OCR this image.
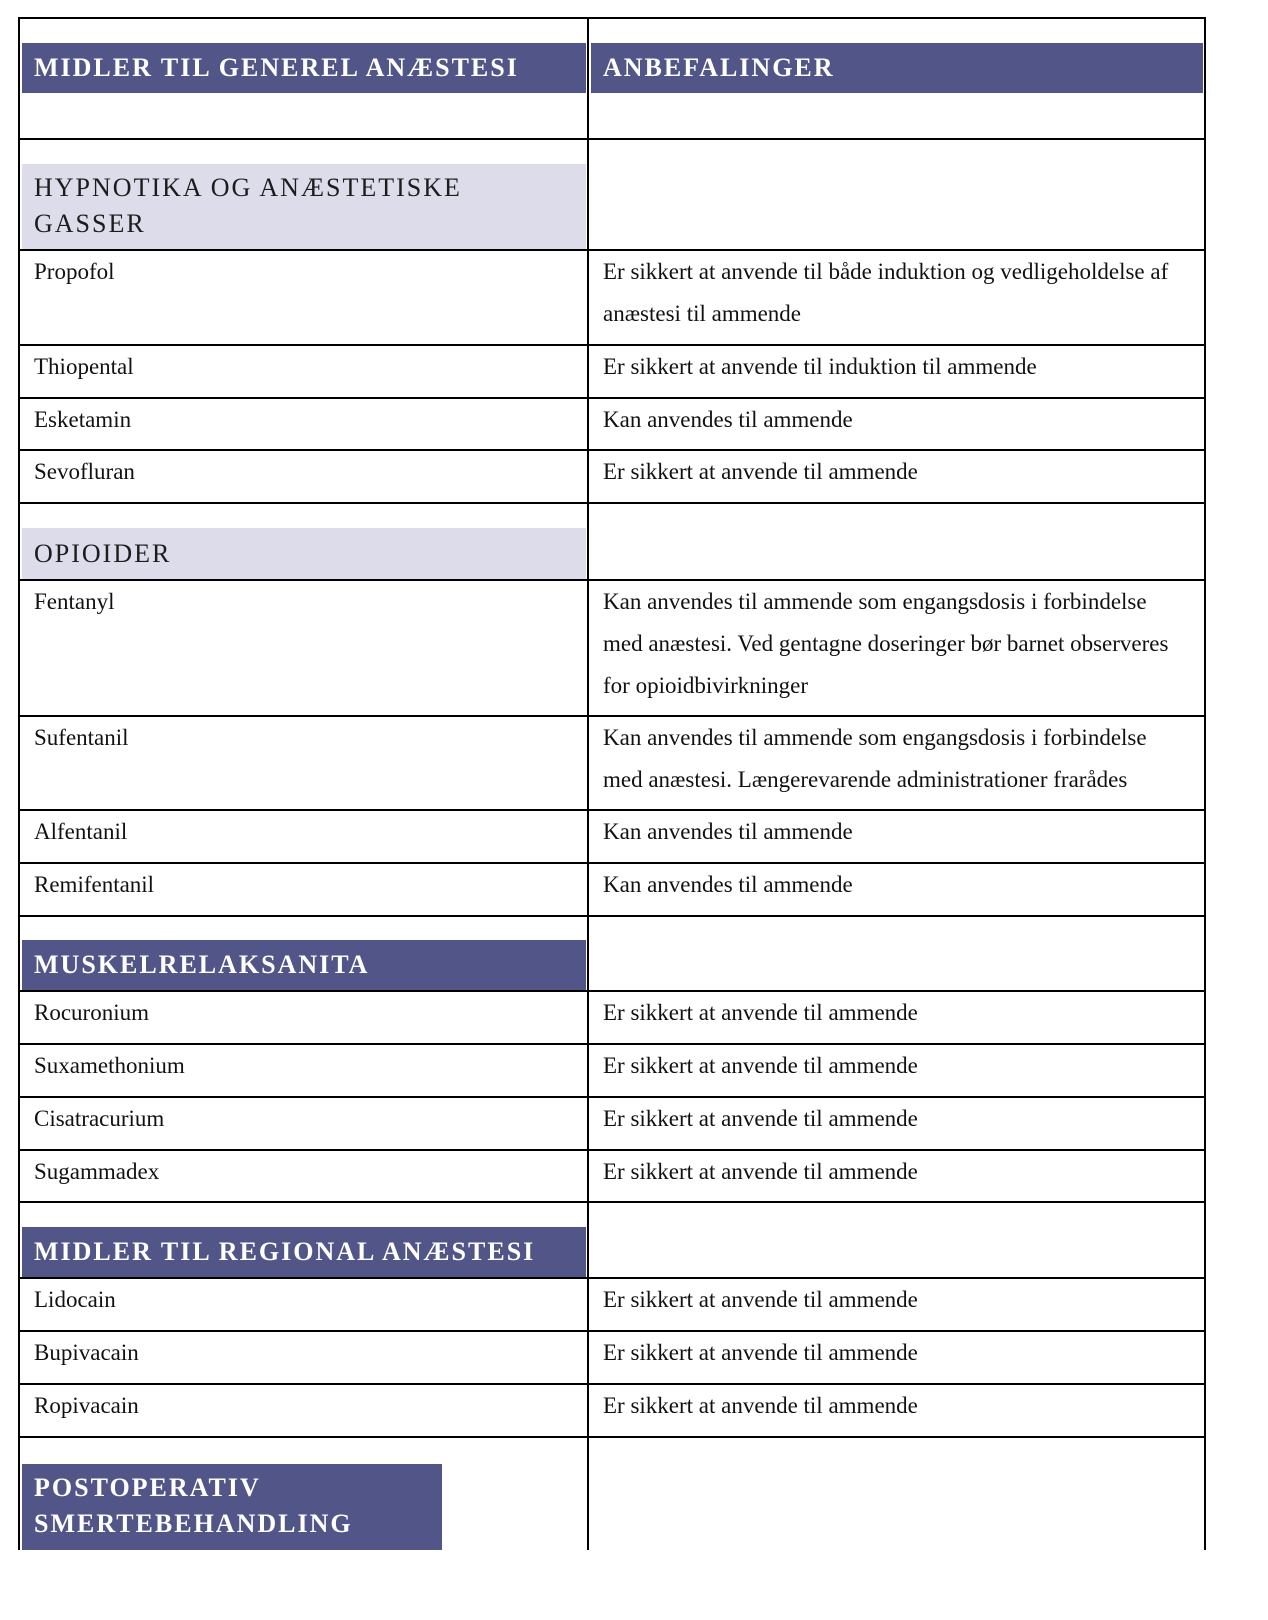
MIDLER TIL GENEREL ANÆSTESI	ANBEFALINGER
HYPNOTIKA OG ANÆSTETISKE GASSER
Propofol	Er sikkert at anvende til både induktion og vedligeholdelse af anæstesi til ammende
Thiopental	Er sikkert at anvende til induktion til ammende
Esketamin	Kan anvendes til ammende
Sevofluran	Er sikkert at anvende til ammende
OPIOIDER
Fentanyl	Kan anvendes til ammende som engangsdosis i forbindelse med anæstesi. Ved gentagne doseringer bør barnet observeres for opioidbivirkninger
Sufentanil	Kan anvendes til ammende som engangsdosis i forbindelse med anæstesi. Længerevarende administrationer frarådes
Alfentanil	Kan anvendes til ammende
Remifentanil	Kan anvendes til ammende
MUSKELRELAKSANITA
Rocuronium	Er sikkert at anvende til ammende
Suxamethonium	Er sikkert at anvende til ammende
Cisatracurium	Er sikkert at anvende til ammende
Sugammadex	Er sikkert at anvende til ammende
MIDLER TIL REGIONAL ANÆSTESI
Lidocain	Er sikkert at anvende til ammende
Bupivacain	Er sikkert at anvende til ammende
Ropivacain	Er sikkert at anvende til ammende
POSTOPERATIV SMERTEBEHANDLING
